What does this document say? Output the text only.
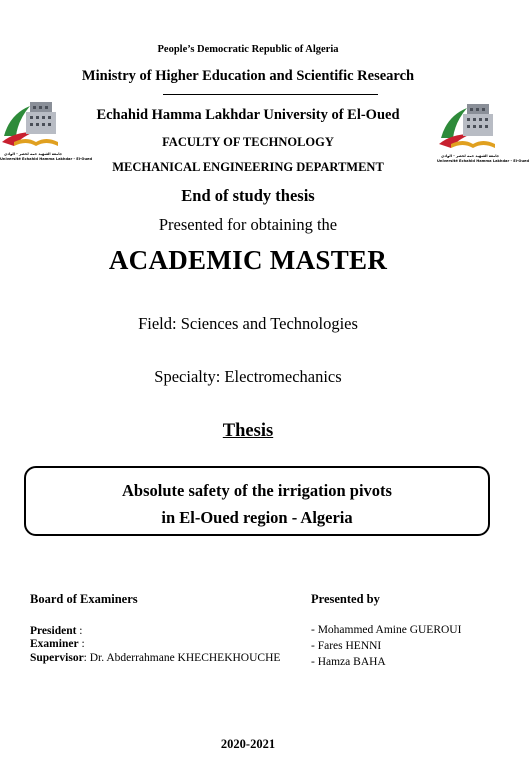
جامعة الشهيد حمه لخضر - الوادي
Université Echahid Hamma Lakhdar - El-Oued
جامعة الشهيد حمه لخضر - الوادي
Université Echahid Hamma Lakhdar - El-Oued
People’s Democratic Republic of Algeria
Ministry of Higher Education and Scientific Research
Echahid Hamma Lakhdar University of El-Oued
FACULTY OF TECHNOLOGY
MECHANICAL ENGINEERING DEPARTMENT
End of study thesis
Presented for obtaining the
ACADEMIC MASTER
Field: Sciences and Technologies
Specialty: Electromechanics
Thesis
Absolute safety of the irrigation pivots
in El-Oued region - Algeria
Board of Examiners
President :
Examiner :
Supervisor: Dr. Abderrahmane KHECHEKHOUCHE
Presented by
- Mohammed Amine GUEROUI
- Fares HENNI
- Hamza BAHA
2020-2021
